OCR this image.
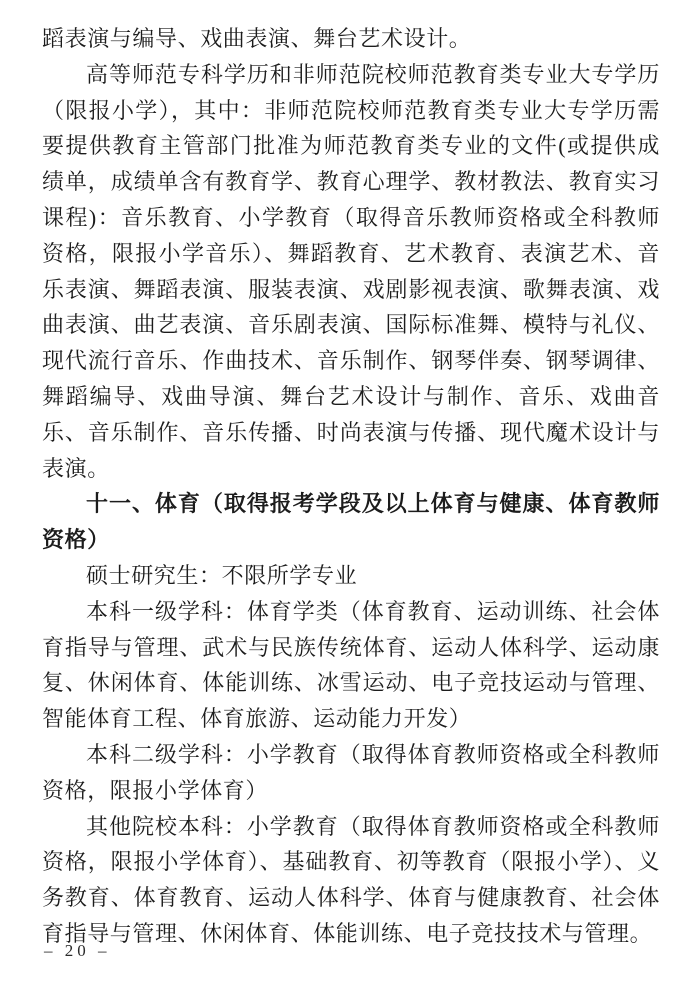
蹈表演与编导、戏曲表演、舞台艺术设计。

高等师范专科学历和非师范院校师范教育类专业大专学历（限报小学），其中：非师范院校师范教育类专业大专学历需要提供教育主管部门批准为师范教育类专业的文件(或提供成绩单，成绩单含有教育学、教育心理学、教材教法、教育实习课程)：音乐教育、小学教育（取得音乐教师资格或全科教师资格，限报小学音乐）、舞蹈教育、艺术教育、表演艺术、音乐表演、舞蹈表演、服装表演、戏剧影视表演、歌舞表演、戏曲表演、曲艺表演、音乐剧表演、国际标准舞、模特与礼仪、现代流行音乐、作曲技术、音乐制作、钢琴伴奏、钢琴调律、舞蹈编导、戏曲导演、舞台艺术设计与制作、音乐、戏曲音乐、音乐制作、音乐传播、时尚表演与传播、现代魔术设计与表演。

十一、体育（取得报考学段及以上体育与健康、体育教师资格）

硕士研究生：不限所学专业

本科一级学科：体育学类（体育教育、运动训练、社会体育指导与管理、武术与民族传统体育、运动人体科学、运动康复、休闲体育、体能训练、冰雪运动、电子竞技运动与管理、智能体育工程、体育旅游、运动能力开发）

本科二级学科：小学教育（取得体育教师资格或全科教师资格，限报小学体育）

其他院校本科：小学教育（取得体育教师资格或全科教师资格，限报小学体育）、基础教育、初等教育（限报小学）、义务教育、体育教育、运动人体科学、体育与健康教育、社会体育指导与管理、休闲体育、体能训练、电子竞技技术与管理。

– 20 –
